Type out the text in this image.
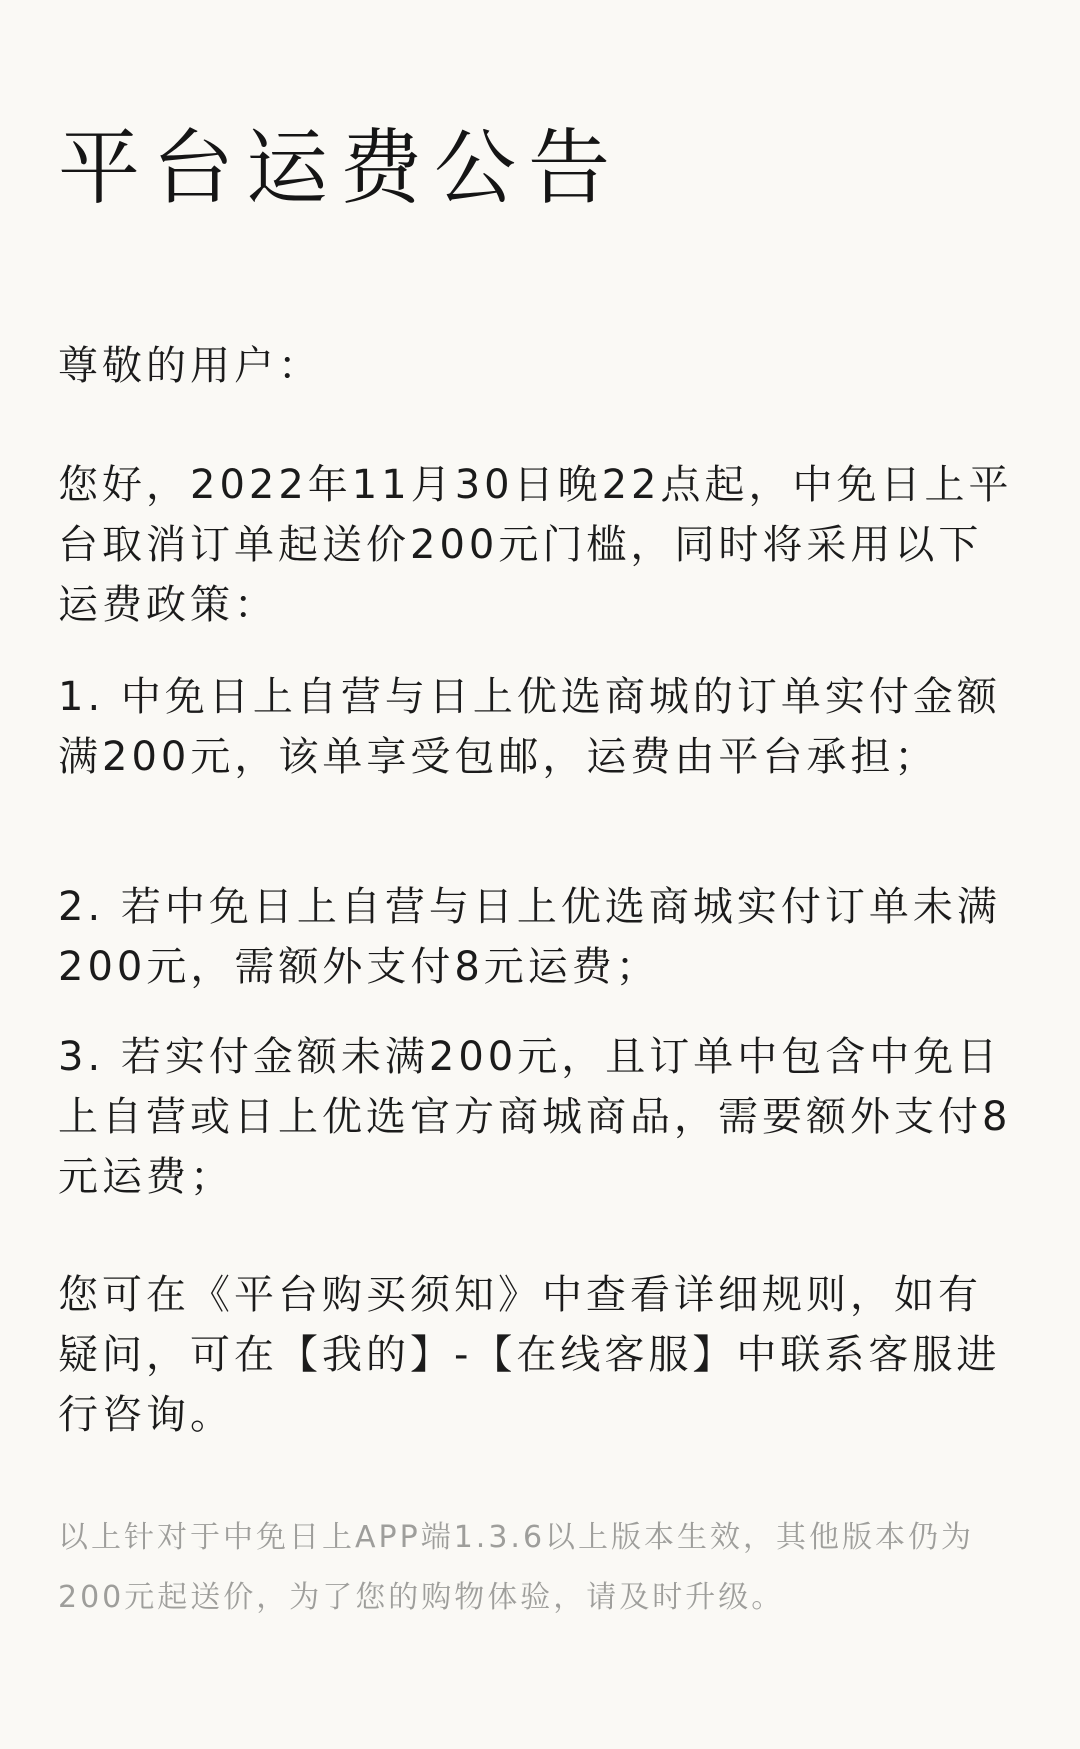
平台运费公告

尊敬的用户：

您好，2022年11月30日晚22点起，中免日上平台取消订单起送价200元门槛，同时将采用以下运费政策：

1. 中免日上自营与日上优选商城的订单实付金额满200元，该单享受包邮，运费由平台承担；

2. 若中免日上自营与日上优选商城实付订单未满200元，需额外支付8元运费；

3. 若实付金额未满200元，且订单中包含中免日上自营或日上优选官方商城商品，需要额外支付8元运费；

您可在《平台购买须知》中查看详细规则，如有疑问，可在【我的】-【在线客服】中联系客服进行咨询。

以上针对于中免日上APP端1.3.6以上版本生效，其他版本仍为200元起送价，为了您的购物体验，请及时升级。
